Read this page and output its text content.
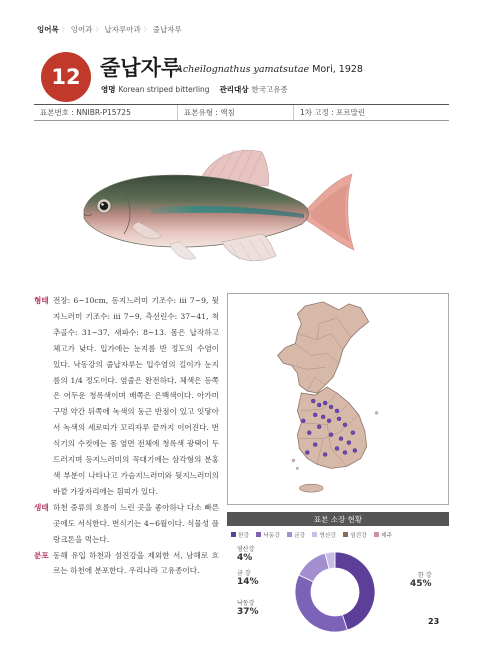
잉어목 〉 잉어과 〉 납자루아과 〉 줄납자루
12 줄납자루
Acheilognathus yamatsutae Mori, 1928
영명 Korean striped bitterling 관리대상 한국고유종
표본번호 : NNIBR-P15725	표본유형 : 액침	1차 고정 : 포르말린
형태 전장: 6~10cm, 등지느러미 기조수: iii 7~9, 뒷지느러미 기조수: iii 7~9, 측선린수: 37~41, 척추골수: 31~37, 새파수: 8~13. 몸은 납작하고 체고가 낮다. 입가에는 눈지름 반 정도의 수염이 있다. 낙동강의 줄납자루는 입수염의 길이가 눈지름의 1/4 정도이다. 옆줄은 완전하다. 체색은 등쪽은 어두운 청록색이며 배쪽은 은백색이다. 아가미구멍 약간 뒤쪽에 녹색의 둥근 반점이 있고 잇닿아서 녹색의 세로띠가 꼬리자루 끝까지 이어진다. 번식기의 수컷에는 몸 옆면 전체에 청록색 광택이 두드러지며 등지느러미의 꼭대기에는 삼각형의 분홍색 부분이 나타나고 가슴지느러미와 뒷지느러미의 바깥 가장자리에는 흰띠가 있다.
생태 하천 중류의 흐름이 느린 곳을 좋아하나 다소 빠른 곳에도 서식한다. 번식기는 4~6월이다. 식물성 플랑크톤을 먹는다.
분포 동해 유입 하천과 섬진강을 제외한 서, 남해로 흐르는 하천에 분포한다. 우리나라 고유종이다.
표본 소장 현황
한강 낙동강 금강 영산강 섬진강 제주
영산강
4%
금 강
14%
낙동강
37%
한 강
45%
23
